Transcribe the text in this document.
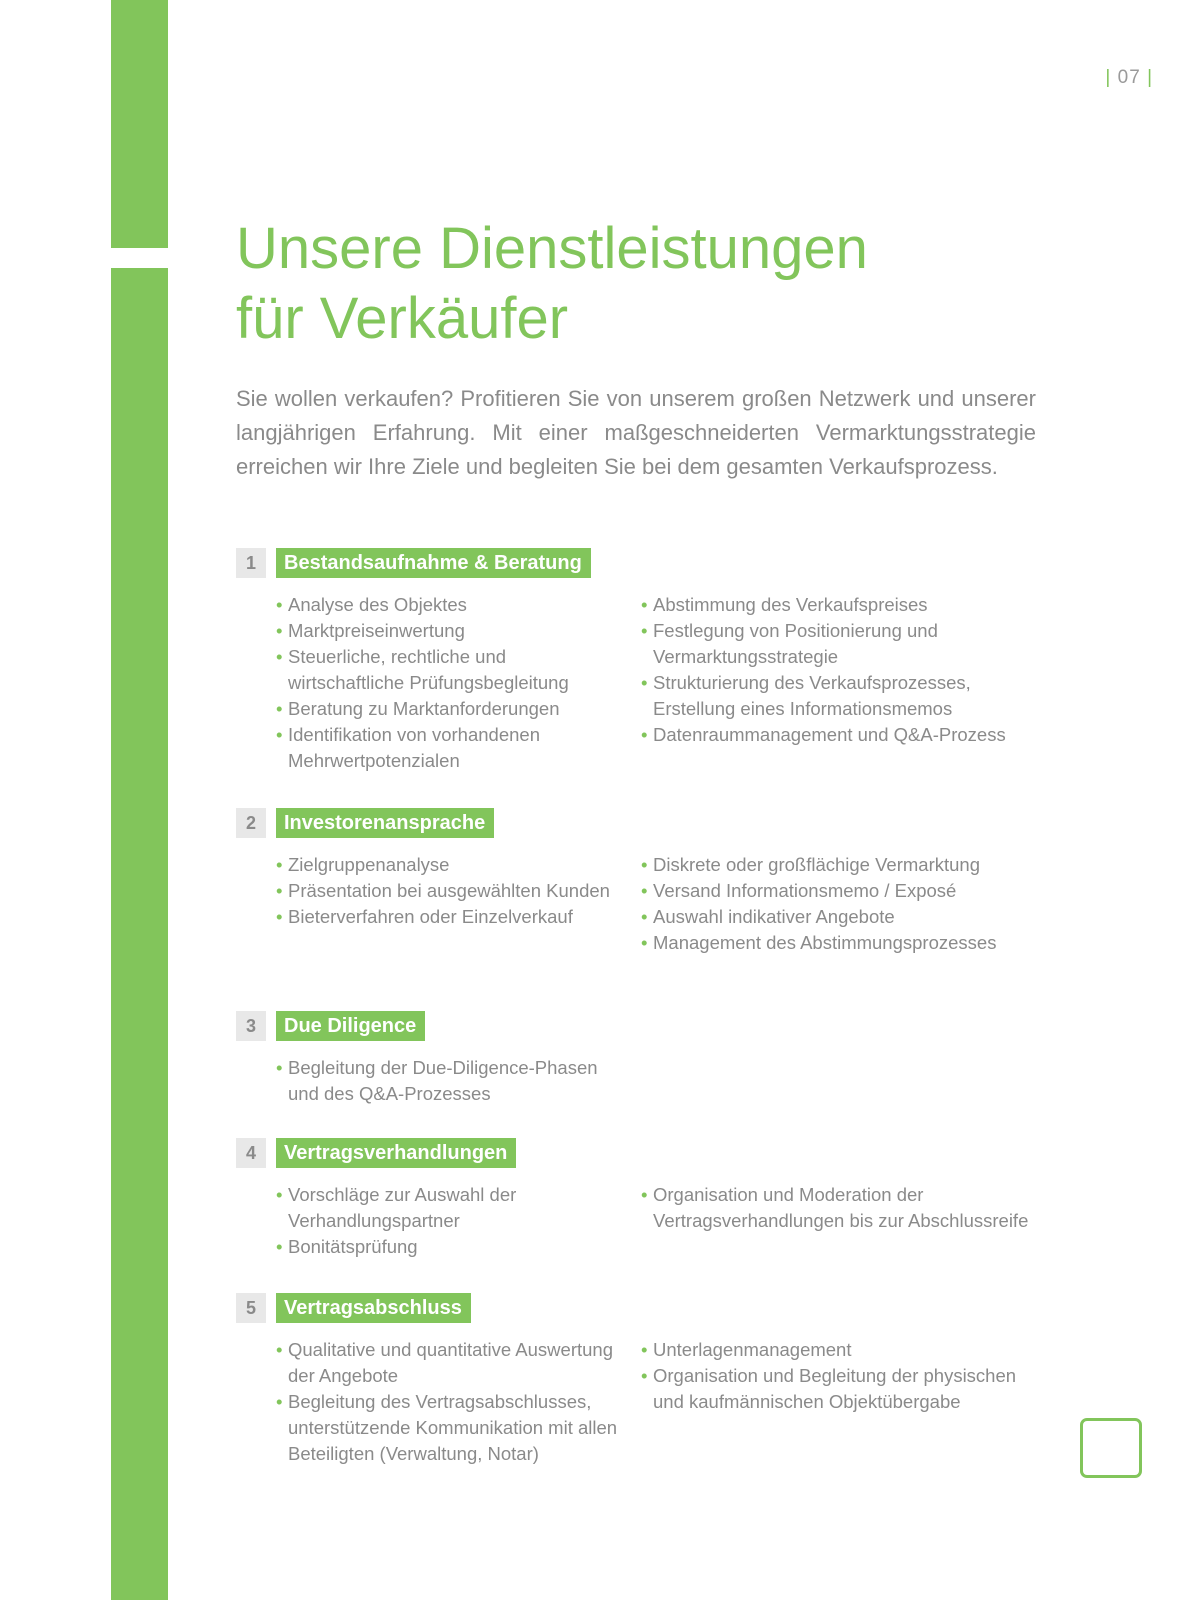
| 07 |
Unsere Dienstleistungen
für Verkäufer

Sie wollen verkaufen? Profitieren Sie von unserem großen Netzwerk und unserer langjährigen Erfahrung. Mit einer maßgeschneiderten Vermarktungsstrategie erreichen wir Ihre Ziele und begleiten Sie bei dem gesamten Verkaufsprozess.

1	Bestandsaufnahme & Beratung
• Analyse des Objektes
• Marktpreiseinwertung
• Steuerliche, rechtliche und wirtschaftliche Prüfungsbegleitung
• Beratung zu Marktanforderungen
• Identifikation von vorhandenen Mehrwertpotenzialen
• Abstimmung des Verkaufspreises
• Festlegung von Positionierung und Vermarktungsstrategie
• Strukturierung des Verkaufsprozesses, Erstellung eines Informationsmemos
• Datenraummanagement und Q&A-Prozess
2	Investorenansprache
• Zielgruppenanalyse
• Präsentation bei ausgewählten Kunden
• Bieterverfahren oder Einzelverkauf
• Diskrete oder großflächige Vermarktung
• Versand Informationsmemo / Exposé
• Auswahl indikativer Angebote
• Management des Abstimmungsprozesses
3	Due Diligence
• Begleitung der Due-Diligence-Phasen und des Q&A-Prozesses
4	Vertragsverhandlungen
• Vorschläge zur Auswahl der Verhandlungspartner
• Bonitätsprüfung
• Organisation und Moderation der Vertragsverhandlungen bis zur Abschlussreife
5	Vertragsabschluss
• Qualitative und quantitative Auswertung der Angebote
• Begleitung des Vertragsabschlusses, unterstützende Kommunikation mit allen Beteiligten (Verwaltung, Notar)
• Unterlagenmanagement
• Organisation und Begleitung der physischen und kaufmännischen Objektübergabe
